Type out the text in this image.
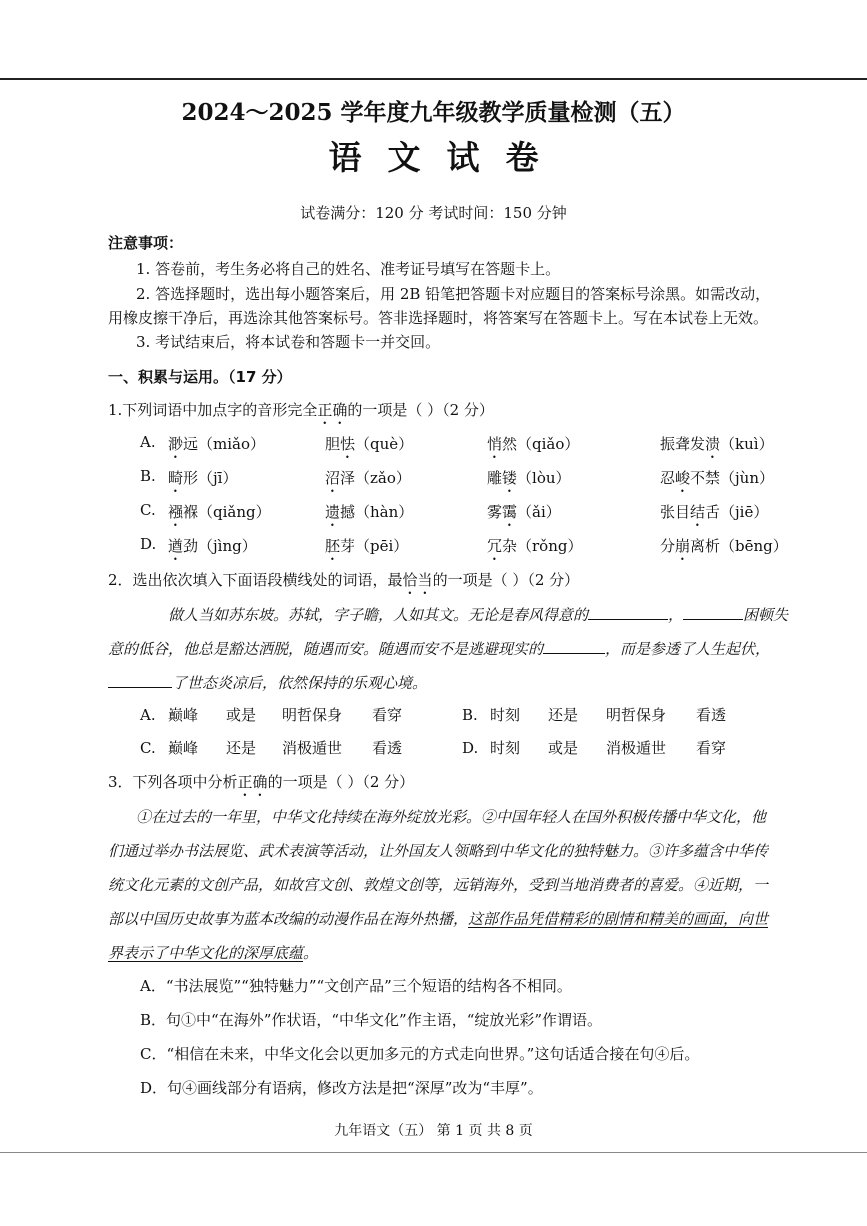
2024～2025 学年度九年级教学质量检测（五）
语文试卷
试卷满分：120 分 考试时间：150 分钟
注意事项：
1. 答卷前，考生务必将自己的姓名、准考证号填写在答题卡上。
2. 答选择题时，选出每小题答案后，用 2B 铅笔把答题卡对应题目的答案标号涂黑。如需改动，
用橡皮擦干净后，再选涂其他答案标号。答非选择题时，将答案写在答题卡上。写在本试卷上无效。
3. 考试结束后，将本试卷和答题卡一并交回。
一、积累与运用。（17 分）
1.下列词语中加点字的音形完全正确的一项是（ ）（2 分）
A. 渺远（miǎo）	胆怯（què）	悄然（qiǎo）	振聋发溃（kuì）
B. 畸形（jī）	沼泽（zǎo）	雕镂（lòu）	忍峻不禁（jùn）
C. 襁褓（qiǎng）	遗撼（hàn）	雾霭（ǎi）	张目结舌（jiē）
D. 遒劲（jìng）	胚芽（pēi）	冗杂（rǒng）	分崩离析（bēng）
2．选出依次填入下面语段横线处的词语，最恰当的一项是（ ）（2 分）
做人当如苏东坡。苏轼，字子瞻，人如其文。无论是春风得意的	，	困顿失
意的低谷，他总是豁达洒脱，随遇而安。随遇而安不是逃避现实的	，而是参透了人生起伏，
了世态炎凉后，依然保持的乐观心境。
A. 巅峰 或是 明哲保身 看穿	B. 时刻 还是 明哲保身 看透
C. 巅峰 还是 消极遁世 看透	D. 时刻 或是 消极遁世 看穿
3．下列各项中分析正确的一项是（ ）（2 分）
①在过去的一年里，中华文化持续在海外绽放光彩。②中国年轻人在国外积极传播中华文化，他
们通过举办书法展览、武术表演等活动，让外国友人领略到中华文化的独特魅力。③许多蕴含中华传
统文化元素的文创产品，如故宫文创、敦煌文创等，远销海外，受到当地消费者的喜爱。④近期，一
部以中国历史故事为蓝本改编的动漫作品在海外热播，这部作品凭借精彩的剧情和精美的画面，向世
界表示了中华文化的深厚底蕴。
A．“书法展览”“独特魅力”“文创产品”三个短语的结构各不相同。
B．句①中“在海外”作状语，“中华文化”作主语，“绽放光彩”作谓语。
C．“相信在未来，中华文化会以更加多元的方式走向世界。”这句话适合接在句④后。
D．句④画线部分有语病，修改方法是把“深厚”改为“丰厚”。
九年语文（五） 第 1 页 共 8 页
